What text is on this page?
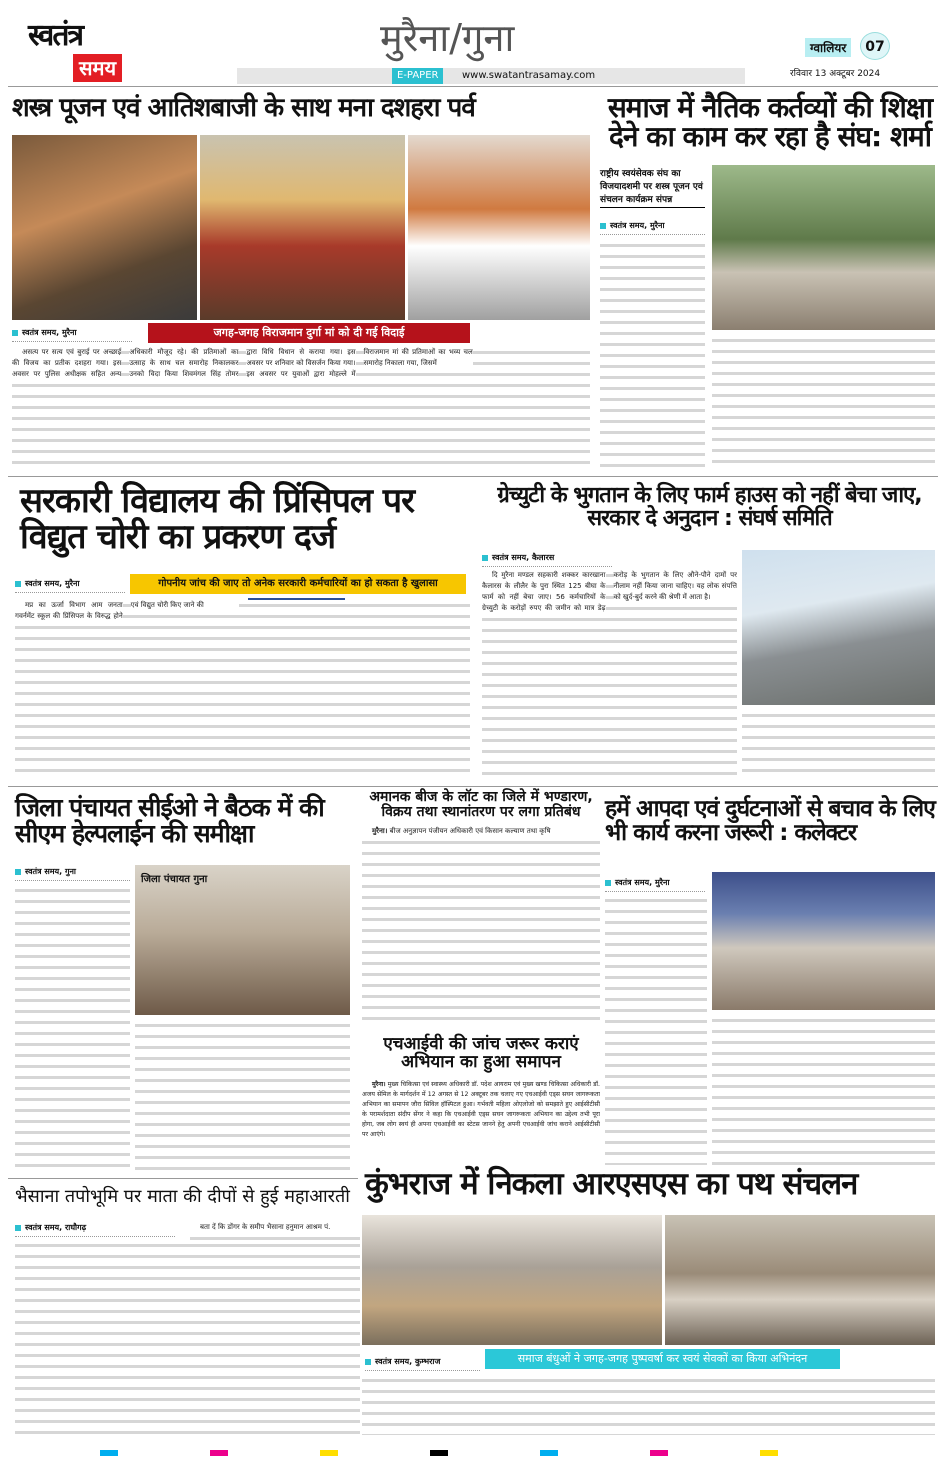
स्वतंत्र
समय
मुरैना/गुना
E-PAPER	www.swatantrasamay.com
ग्वालियर	07
रविवार 13 अक्टूबर 2024
शस्त्र पूजन एवं आतिशबाजी के साथ मना दशहरा पर्व
स्वतंत्र समय, मुरैना	जगह-जगह विराजमान दुर्गा मां को दी गई विदाई

असत्य पर सत्य एवं बुराई पर अच्छाई की विजय का प्रतीक दशहरा गया। इस अवसर पर पुलिस अधीक्षक सहित अन्य अधिकारी मौजूद रहे। की प्रतिमाओं का उत्साह के साथ चल समारोह निकालकर उनको विदा किया शिवमंगल सिंह तोमर द्वारा विधि विधान से कराया गया। इस अवसर पर शनिवार को विसर्जन किया गया। इस अवसर पर युवाओं द्वारा मोहल्ले में विराजमान मां की प्रतिमाओं का भव्य चल समारोह निकाला गया, जिसमें

समाज में नैतिक कर्तव्यों की शिक्षा देने का काम कर रहा है संघ: शर्मा
राष्ट्रीय स्वयंसेवक संघ का विजयादशमी पर शस्त्र पूजन एवं संचलन कार्यक्रम संपन्न
स्वतंत्र समय, मुरैना
सरकारी विद्यालय की प्रिंसिपल पर विद्युत चोरी का प्रकरण दर्ज
स्वतंत्र समय, मुरैना	गोपनीय जांच की जाए तो अनेक सरकारी कर्मचारियों का हो सकता है खुलासा

मप्र का ऊर्जा विभाग आम जनता गवर्नमेंट स्कूल की प्रिंसिपल के विरुद्ध होने एवं विद्युत चोरी किए जाने की

ग्रेच्युटी के भुगतान के लिए फार्म हाउस को नहीं बेचा जाए, सरकार दे अनुदान : संघर्ष समिति
स्वतंत्र समय, कैलारस

दि मुरैना मण्डल सहकारी शक्कर कारखाना कैलारस के लीलैर के पुरा स्थित 125 बीघा के फार्म को नहीं बेचा जाए। 56 कर्मचारियों के ग्रेच्युटी के करोड़ों रुपए की जमीन को मात्र डेढ़ करोड़ के भुगतान के लिए औने-पौने दामों पर नीलाम नहीं किया जाना चाहिए। यह लोक संपत्ति को खुर्द-बुर्द करने की श्रेणी में आता है।

जिला पंचायत सीईओ ने बैठक में की सीएम हेल्पलाईन की समीक्षा
स्वतंत्र समय, गुना
जिला पंचायत गुना
अमानक बीज के लॉट का जिले में भण्डारण, विक्रय तथा स्थानांतरण पर लगा प्रतिबंध

मुरैना। बीज अनुज्ञापन पंजीयन अधिकारी एवं किसान कल्याण तथा कृषि

एचआईवी की जांच जरूर कराएं अभियान का हुआ समापन

मुरैना। मुख्य चिकित्सा एवं स्वास्थ्य अधिकारी डॉ. पदेश आयराम एवं मुख्य खण्ड चिकित्सा अधिकारी डॉ. अजय सेमिल के मार्गदर्शन में 12 अगस्त से 12 अक्टूबर तक चलाए गए एचआईवी एड्स सघन जागरूकता अभियान का समापन जौरा सिविल हॉस्पिटल हुआ। गर्भवती महिला ओएलोजो को समझाते हुए आईसीटीसी के परामर्शदाता संदीप सेंगर ने कहा कि एचआईवी एड्स सघन जागरूकता अभियान का उद्देश्य तभी पूरा होगा, जब लोग स्वयं ही अपना एचआईवी का स्टेटस जानने हेतु अपनी एचआईवी जांच कराने आईसीटीसी पर आएंगे।

हमें आपदा एवं दुर्घटनाओं से बचाव के लिए भी कार्य करना जरूरी : कलेक्टर
स्वतंत्र समय, मुरैना
भैसाना तपोभूमि पर माता की दीपों से हुई महाआरती
स्वतंत्र समय, राघौगढ़	बता दें कि डोंगर के समीप भैसाना हनुमान आश्रम पं.

कुंभराज में निकला आरएसएस का पथ संचलन
स्वतंत्र समय, कुम्भराज	समाज बंधुओं ने जगह-जगह पुष्पवर्षा कर स्वयं सेवकों का किया अभिनंदन
